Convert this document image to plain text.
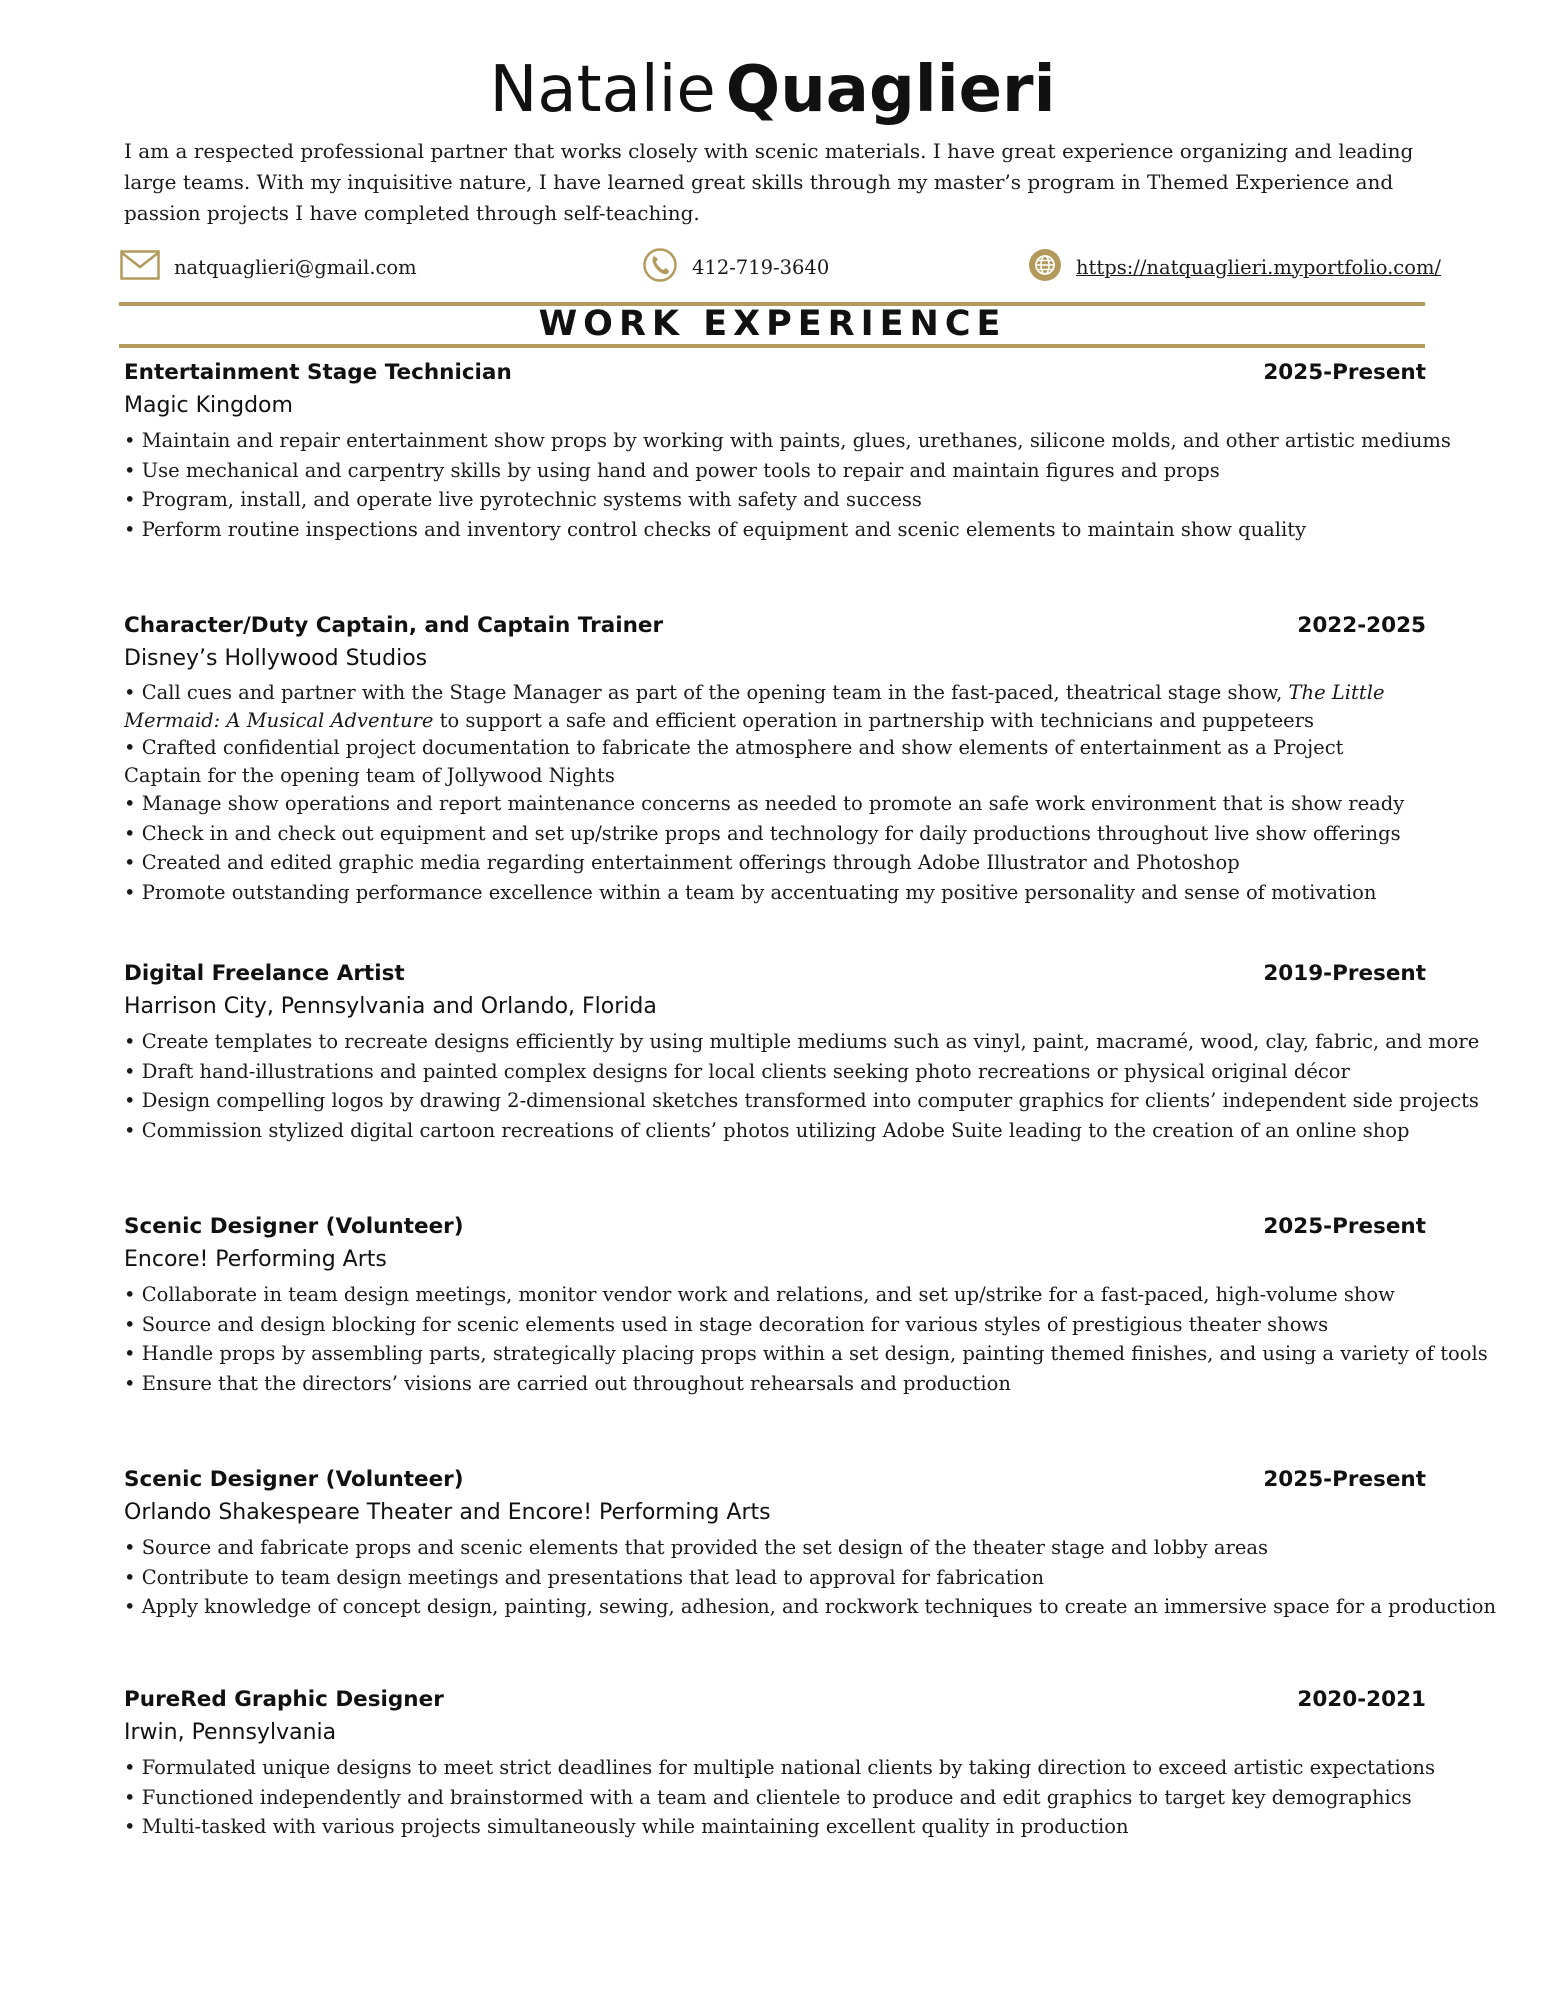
Natalie Quaglieri
I am a respected professional partner that works closely with scenic materials. I have great experience organizing and leading large teams. With my inquisitive nature, I have learned great skills through my master’s program in Themed Experience and passion projects I have completed through self-teaching.
natquaglieri@gmail.com	412-719-3640	https://natquaglieri.myportfolio.com/
WORK EXPERIENCE
Entertainment Stage Technician	2025-Present
Magic Kingdom
• Maintain and repair entertainment show props by working with paints, glues, urethanes, silicone molds, and other artistic mediums
• Use mechanical and carpentry skills by using hand and power tools to repair and maintain figures and props
• Program, install, and operate live pyrotechnic systems with safety and success
• Perform routine inspections and inventory control checks of equipment and scenic elements to maintain show quality
Character/Duty Captain, and Captain Trainer	2022-2025
Disney’s Hollywood Studios
• Call cues and partner with the Stage Manager as part of the opening team in the fast-paced, theatrical stage show, The Little Mermaid: A Musical Adventure to support a safe and efficient operation in partnership with technicians and puppeteers
• Crafted confidential project documentation to fabricate the atmosphere and show elements of entertainment as a Project Captain for the opening team of Jollywood Nights
• Manage show operations and report maintenance concerns as needed to promote an safe work environment that is show ready
• Check in and check out equipment and set up/strike props and technology for daily productions throughout live show offerings
• Created and edited graphic media regarding entertainment offerings through Adobe Illustrator and Photoshop
• Promote outstanding performance excellence within a team by accentuating my positive personality and sense of motivation
Digital Freelance Artist	2019-Present
Harrison City, Pennsylvania and Orlando, Florida
• Create templates to recreate designs efficiently by using multiple mediums such as vinyl, paint, macramé, wood, clay, fabric, and more
• Draft hand-illustrations and painted complex designs for local clients seeking photo recreations or physical original décor
• Design compelling logos by drawing 2-dimensional sketches transformed into computer graphics for clients’ independent side projects
• Commission stylized digital cartoon recreations of clients’ photos utilizing Adobe Suite leading to the creation of an online shop
Scenic Designer (Volunteer)	2025-Present
Encore! Performing Arts
• Collaborate in team design meetings, monitor vendor work and relations, and set up/strike for a fast-paced, high-volume show
• Source and design blocking for scenic elements used in stage decoration for various styles of prestigious theater shows
• Handle props by assembling parts, strategically placing props within a set design, painting themed finishes, and using a variety of tools
• Ensure that the directors’ visions are carried out throughout rehearsals and production
Scenic Designer (Volunteer)	2025-Present
Orlando Shakespeare Theater and Encore! Performing Arts
• Source and fabricate props and scenic elements that provided the set design of the theater stage and lobby areas
• Contribute to team design meetings and presentations that lead to approval for fabrication
• Apply knowledge of concept design, painting, sewing, adhesion, and rockwork techniques to create an immersive space for a production
PureRed Graphic Designer	2020-2021
Irwin, Pennsylvania
• Formulated unique designs to meet strict deadlines for multiple national clients by taking direction to exceed artistic expectations
• Functioned independently and brainstormed with a team and clientele to produce and edit graphics to target key demographics
• Multi-tasked with various projects simultaneously while maintaining excellent quality in production
